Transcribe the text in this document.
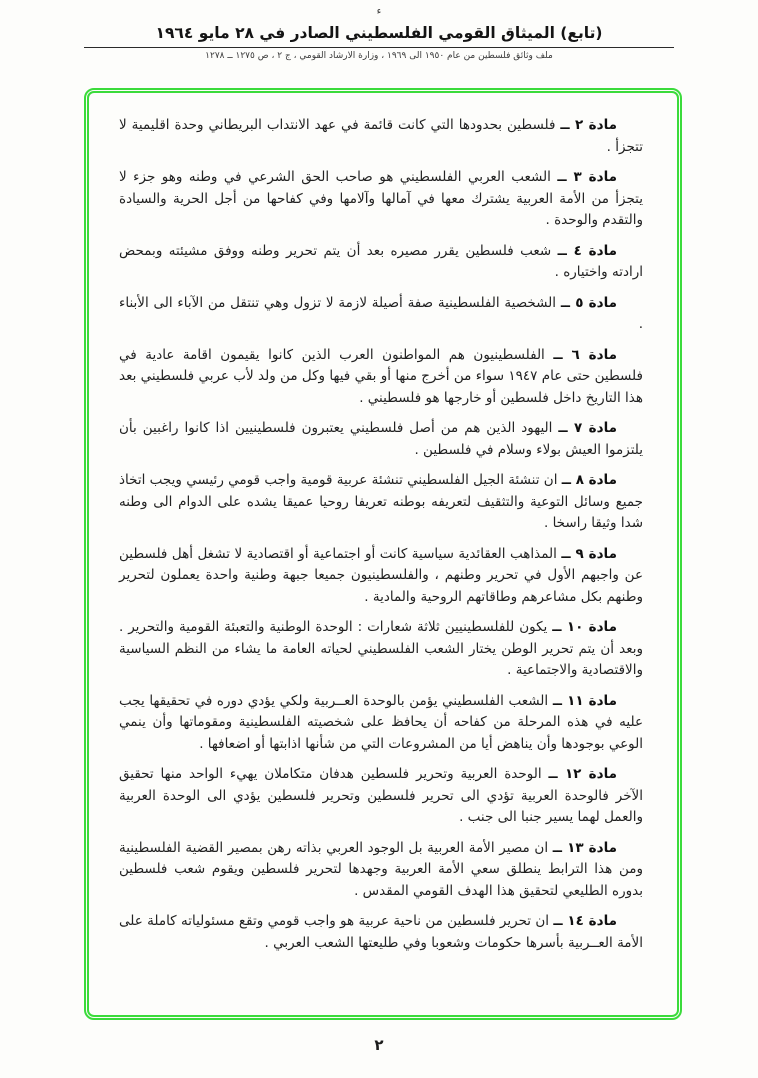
ء
(تابع) الميثاق القومي الفلسطيني الصادر في ٢٨ مايو ١٩٦٤
ملف وثائق فلسطين من عام ١٩٥٠ الى ١٩٦٩ ، وزارة الارشاد القومي ، ج ٢ ، ص ١٢٧٥ ــ ١٢٧٨

مادة ٢ ــ فلسطين بحدودها التي كانت قائمة في عهد الانتداب البريطاني وحدة اقليمية لا تتجزأ .

مادة ٣ ــ الشعب العربي الفلسطيني هو صاحب الحق الشرعي في وطنه وهو جزء لا يتجزأ من الأمة العربية يشترك معها في آمالها وآلامها وفي كفاحها من أجل الحرية والسيادة والتقدم والوحدة .

مادة ٤ ــ شعب فلسطين يقرر مصيره بعد أن يتم تحرير وطنه ووفق مشيئته وبمحض ارادته واختياره .

مادة ٥ ــ الشخصية الفلسطينية صفة أصيلة لازمة لا تزول وهي تنتقل من الآباء الى الأبناء .

مادة ٦ ــ الفلسطينيون هم المواطنون العرب الذين كانوا يقيمون اقامة عادية في فلسطين حتى عام ١٩٤٧ سواء من أخرج منها أو بقي فيها وكل من ولد لأب عربي فلسطيني بعد هذا التاريخ داخل فلسطين أو خارجها هو فلسطيني .

مادة ٧ ــ اليهود الذين هم من أصل فلسطيني يعتبرون فلسطينيين اذا كانوا راغبين بأن يلتزموا العيش بولاء وسلام في فلسطين .

مادة ٨ ــ ان تنشئة الجيل الفلسطيني تنشئة عربية قومية واجب قومي رئيسي ويجب اتخاذ جميع وسائل التوعية والتثقيف لتعريفه بوطنه تعريفا روحيا عميقا يشده على الدوام الى وطنه شدا وثيقا راسخا .

مادة ٩ ــ المذاهب العقائدية سياسية كانت أو اجتماعية أو اقتصادية لا تشغل أهل فلسطين عن واجبهم الأول في تحرير وطنهم ، والفلسطينيون جميعا جبهة وطنية واحدة يعملون لتحرير وطنهم بكل مشاعرهم وطاقاتهم الروحية والمادية .

مادة ١٠ ــ يكون للفلسطينيين ثلاثة شعارات : الوحدة الوطنية والتعبئة القومية والتحرير . وبعد أن يتم تحرير الوطن يختار الشعب الفلسطيني لحياته العامة ما يشاء من النظم السياسية والاقتصادية والاجتماعية .

مادة ١١ ــ الشعب الفلسطيني يؤمن بالوحدة العــربية ولكي يؤدي دوره في تحقيقها يجب عليه في هذه المرحلة من كفاحه أن يحافظ على شخصيته الفلسطينية ومقوماتها وأن ينمي الوعي بوجودها وأن يناهض أيا من المشروعات التي من شأنها اذابتها أو اضعافها .

مادة ١٢ ــ الوحدة العربية وتحرير فلسطين هدفان متكاملان يهيء الواحد منها تحقيق الآخر فالوحدة العربية تؤدي الى تحرير فلسطين وتحرير فلسطين يؤدي الى الوحدة العربية والعمل لهما يسير جنبا الى جنب .

مادة ١٣ ــ ان مصير الأمة العربية بل الوجود العربي بذاته رهن بمصير القضية الفلسطينية ومن هذا الترابط ينطلق سعي الأمة العربية وجهدها لتحرير فلسطين ويقوم شعب فلسطين بدوره الطليعي لتحقيق هذا الهدف القومي المقدس .

مادة ١٤ ــ ان تحرير فلسطين من ناحية عربية هو واجب قومي وتقع مسئولياته كاملة على الأمة العــربية بأسرها حكومات وشعوبا وفي طليعتها الشعب العربي .

٢
